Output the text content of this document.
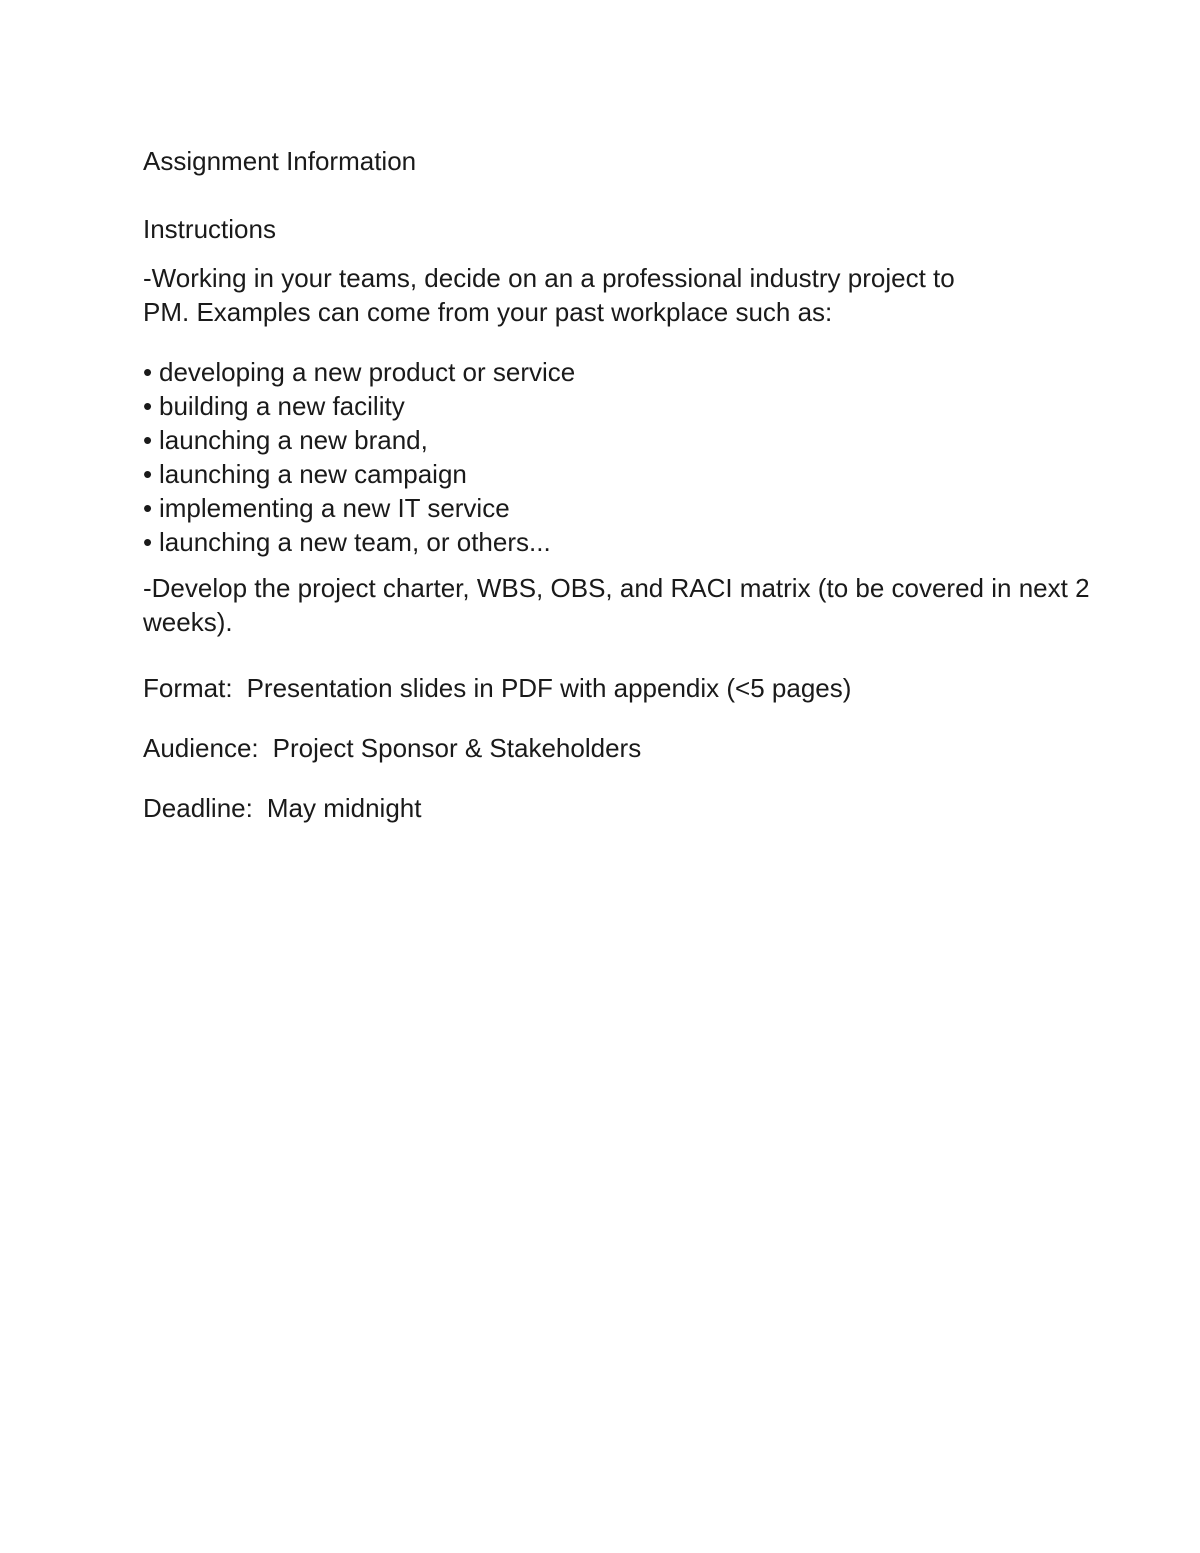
Assignment Information

Instructions

-Working in your teams, decide on an a professional industry project to
PM. Examples can come from your past workplace such as:

• developing a new product or service
• building a new facility
• launching a new brand,
• launching a new campaign
• implementing a new IT service
• launching a new team, or others...

-Develop the project charter, WBS, OBS, and RACI matrix (to be covered in next 2
weeks).

Format: Presentation slides in PDF with appendix (<5 pages)

Audience: Project Sponsor & Stakeholders

Deadline: May midnight
